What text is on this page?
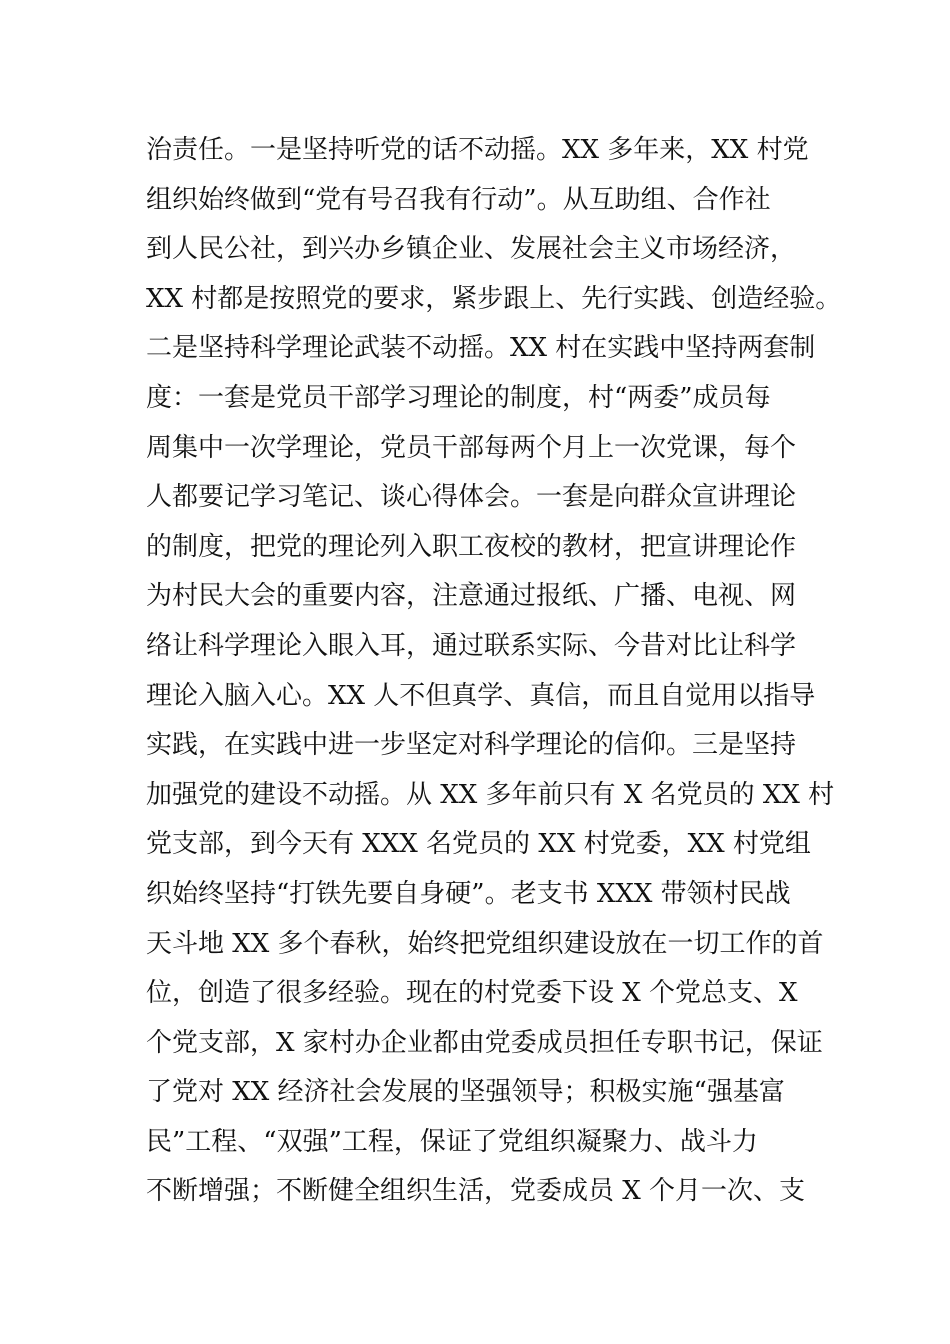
治责任。一是坚持听党的话不动摇。XX 多年来，XX 村党
组织始终做到“党有号召我有行动”。从互助组、合作社
到人民公社，到兴办乡镇企业、发展社会主义市场经济，
XX 村都是按照党的要求，紧步跟上、先行实践、创造经验。
二是坚持科学理论武装不动摇。XX 村在实践中坚持两套制
度：一套是党员干部学习理论的制度，村“两委”成员每
周集中一次学理论，党员干部每两个月上一次党课，每个
人都要记学习笔记、谈心得体会。一套是向群众宣讲理论
的制度，把党的理论列入职工夜校的教材，把宣讲理论作
为村民大会的重要内容，注意通过报纸、广播、电视、网
络让科学理论入眼入耳，通过联系实际、今昔对比让科学
理论入脑入心。XX 人不但真学、真信，而且自觉用以指导
实践，在实践中进一步坚定对科学理论的信仰。三是坚持
加强党的建设不动摇。从 XX 多年前只有 X 名党员的 XX 村
党支部，到今天有 XXX 名党员的 XX 村党委，XX 村党组
织始终坚持“打铁先要自身硬”。老支书 XXX 带领村民战
天斗地 XX 多个春秋，始终把党组织建设放在一切工作的首
位，创造了很多经验。现在的村党委下设 X 个党总支、X
个党支部，X 家村办企业都由党委成员担任专职书记，保证
了党对 XX 经济社会发展的坚强领导；积极实施“强基富
民”工程、“双强”工程，保证了党组织凝聚力、战斗力
不断增强；不断健全组织生活，党委成员 X 个月一次、支
